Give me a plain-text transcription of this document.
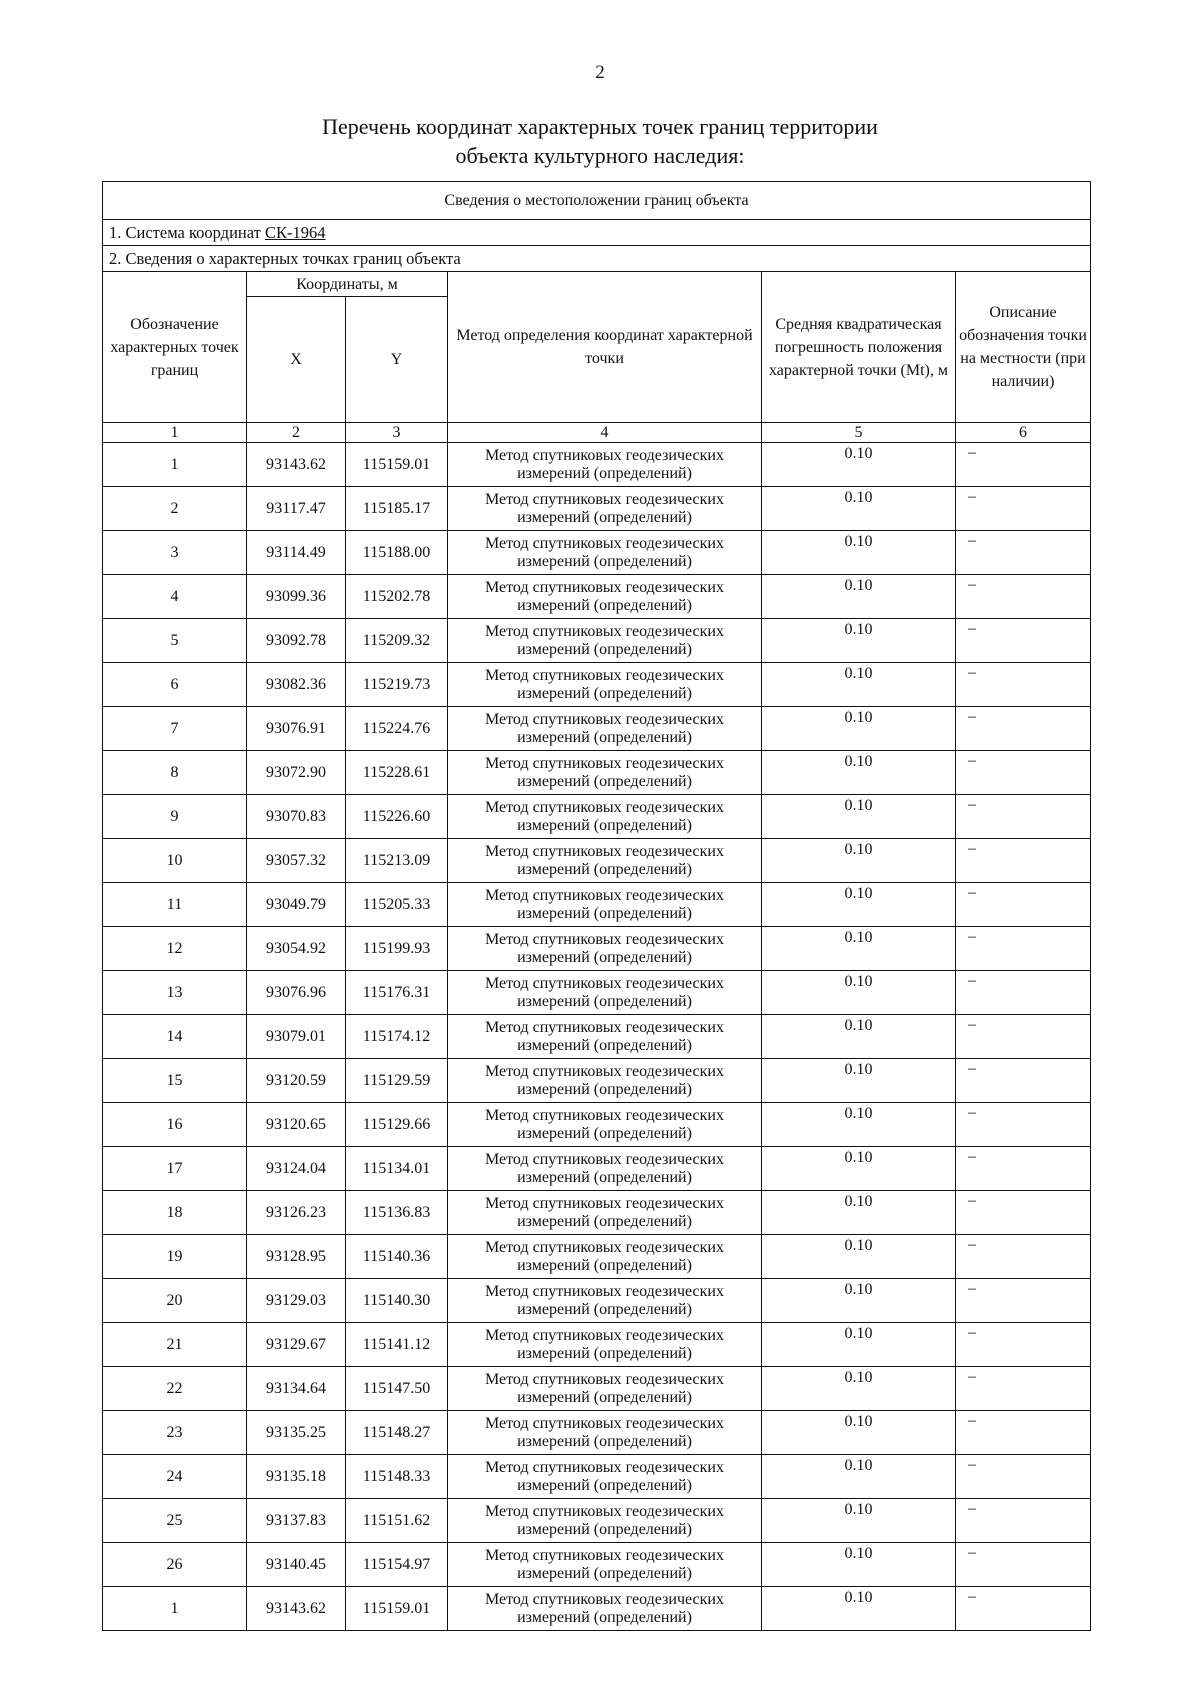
2
Перечень координат характерных точек границ территории
объекта культурного наследия:
Сведения о местоположении границ объекта					
1. Система координат СК-1964					
2. Сведения о характерных точках границ объекта					
Обозначение характерных точек границ	Координаты, м		Метод определения координат характерной точки	Средняя квадратическая погрешность положения характерной точки (Mt), м	Описание обозначения точки на местности (при наличии)
	X	Y			
1	2	3	4	5	6
1	93143.62	115159.01	Метод спутниковых геодезических измерений (определений)	0.10	–
2	93117.47	115185.17	Метод спутниковых геодезических измерений (определений)	0.10	–
3	93114.49	115188.00	Метод спутниковых геодезических измерений (определений)	0.10	–
4	93099.36	115202.78	Метод спутниковых геодезических измерений (определений)	0.10	–
5	93092.78	115209.32	Метод спутниковых геодезических измерений (определений)	0.10	–
6	93082.36	115219.73	Метод спутниковых геодезических измерений (определений)	0.10	–
7	93076.91	115224.76	Метод спутниковых геодезических измерений (определений)	0.10	–
8	93072.90	115228.61	Метод спутниковых геодезических измерений (определений)	0.10	–
9	93070.83	115226.60	Метод спутниковых геодезических измерений (определений)	0.10	–
10	93057.32	115213.09	Метод спутниковых геодезических измерений (определений)	0.10	–
11	93049.79	115205.33	Метод спутниковых геодезических измерений (определений)	0.10	–
12	93054.92	115199.93	Метод спутниковых геодезических измерений (определений)	0.10	–
13	93076.96	115176.31	Метод спутниковых геодезических измерений (определений)	0.10	–
14	93079.01	115174.12	Метод спутниковых геодезических измерений (определений)	0.10	–
15	93120.59	115129.59	Метод спутниковых геодезических измерений (определений)	0.10	–
16	93120.65	115129.66	Метод спутниковых геодезических измерений (определений)	0.10	–
17	93124.04	115134.01	Метод спутниковых геодезических измерений (определений)	0.10	–
18	93126.23	115136.83	Метод спутниковых геодезических измерений (определений)	0.10	–
19	93128.95	115140.36	Метод спутниковых геодезических измерений (определений)	0.10	–
20	93129.03	115140.30	Метод спутниковых геодезических измерений (определений)	0.10	–
21	93129.67	115141.12	Метод спутниковых геодезических измерений (определений)	0.10	–
22	93134.64	115147.50	Метод спутниковых геодезических измерений (определений)	0.10	–
23	93135.25	115148.27	Метод спутниковых геодезических измерений (определений)	0.10	–
24	93135.18	115148.33	Метод спутниковых геодезических измерений (определений)	0.10	–
25	93137.83	115151.62	Метод спутниковых геодезических измерений (определений)	0.10	–
26	93140.45	115154.97	Метод спутниковых геодезических измерений (определений)	0.10	–
1	93143.62	115159.01	Метод спутниковых геодезических измерений (определений)	0.10	–
